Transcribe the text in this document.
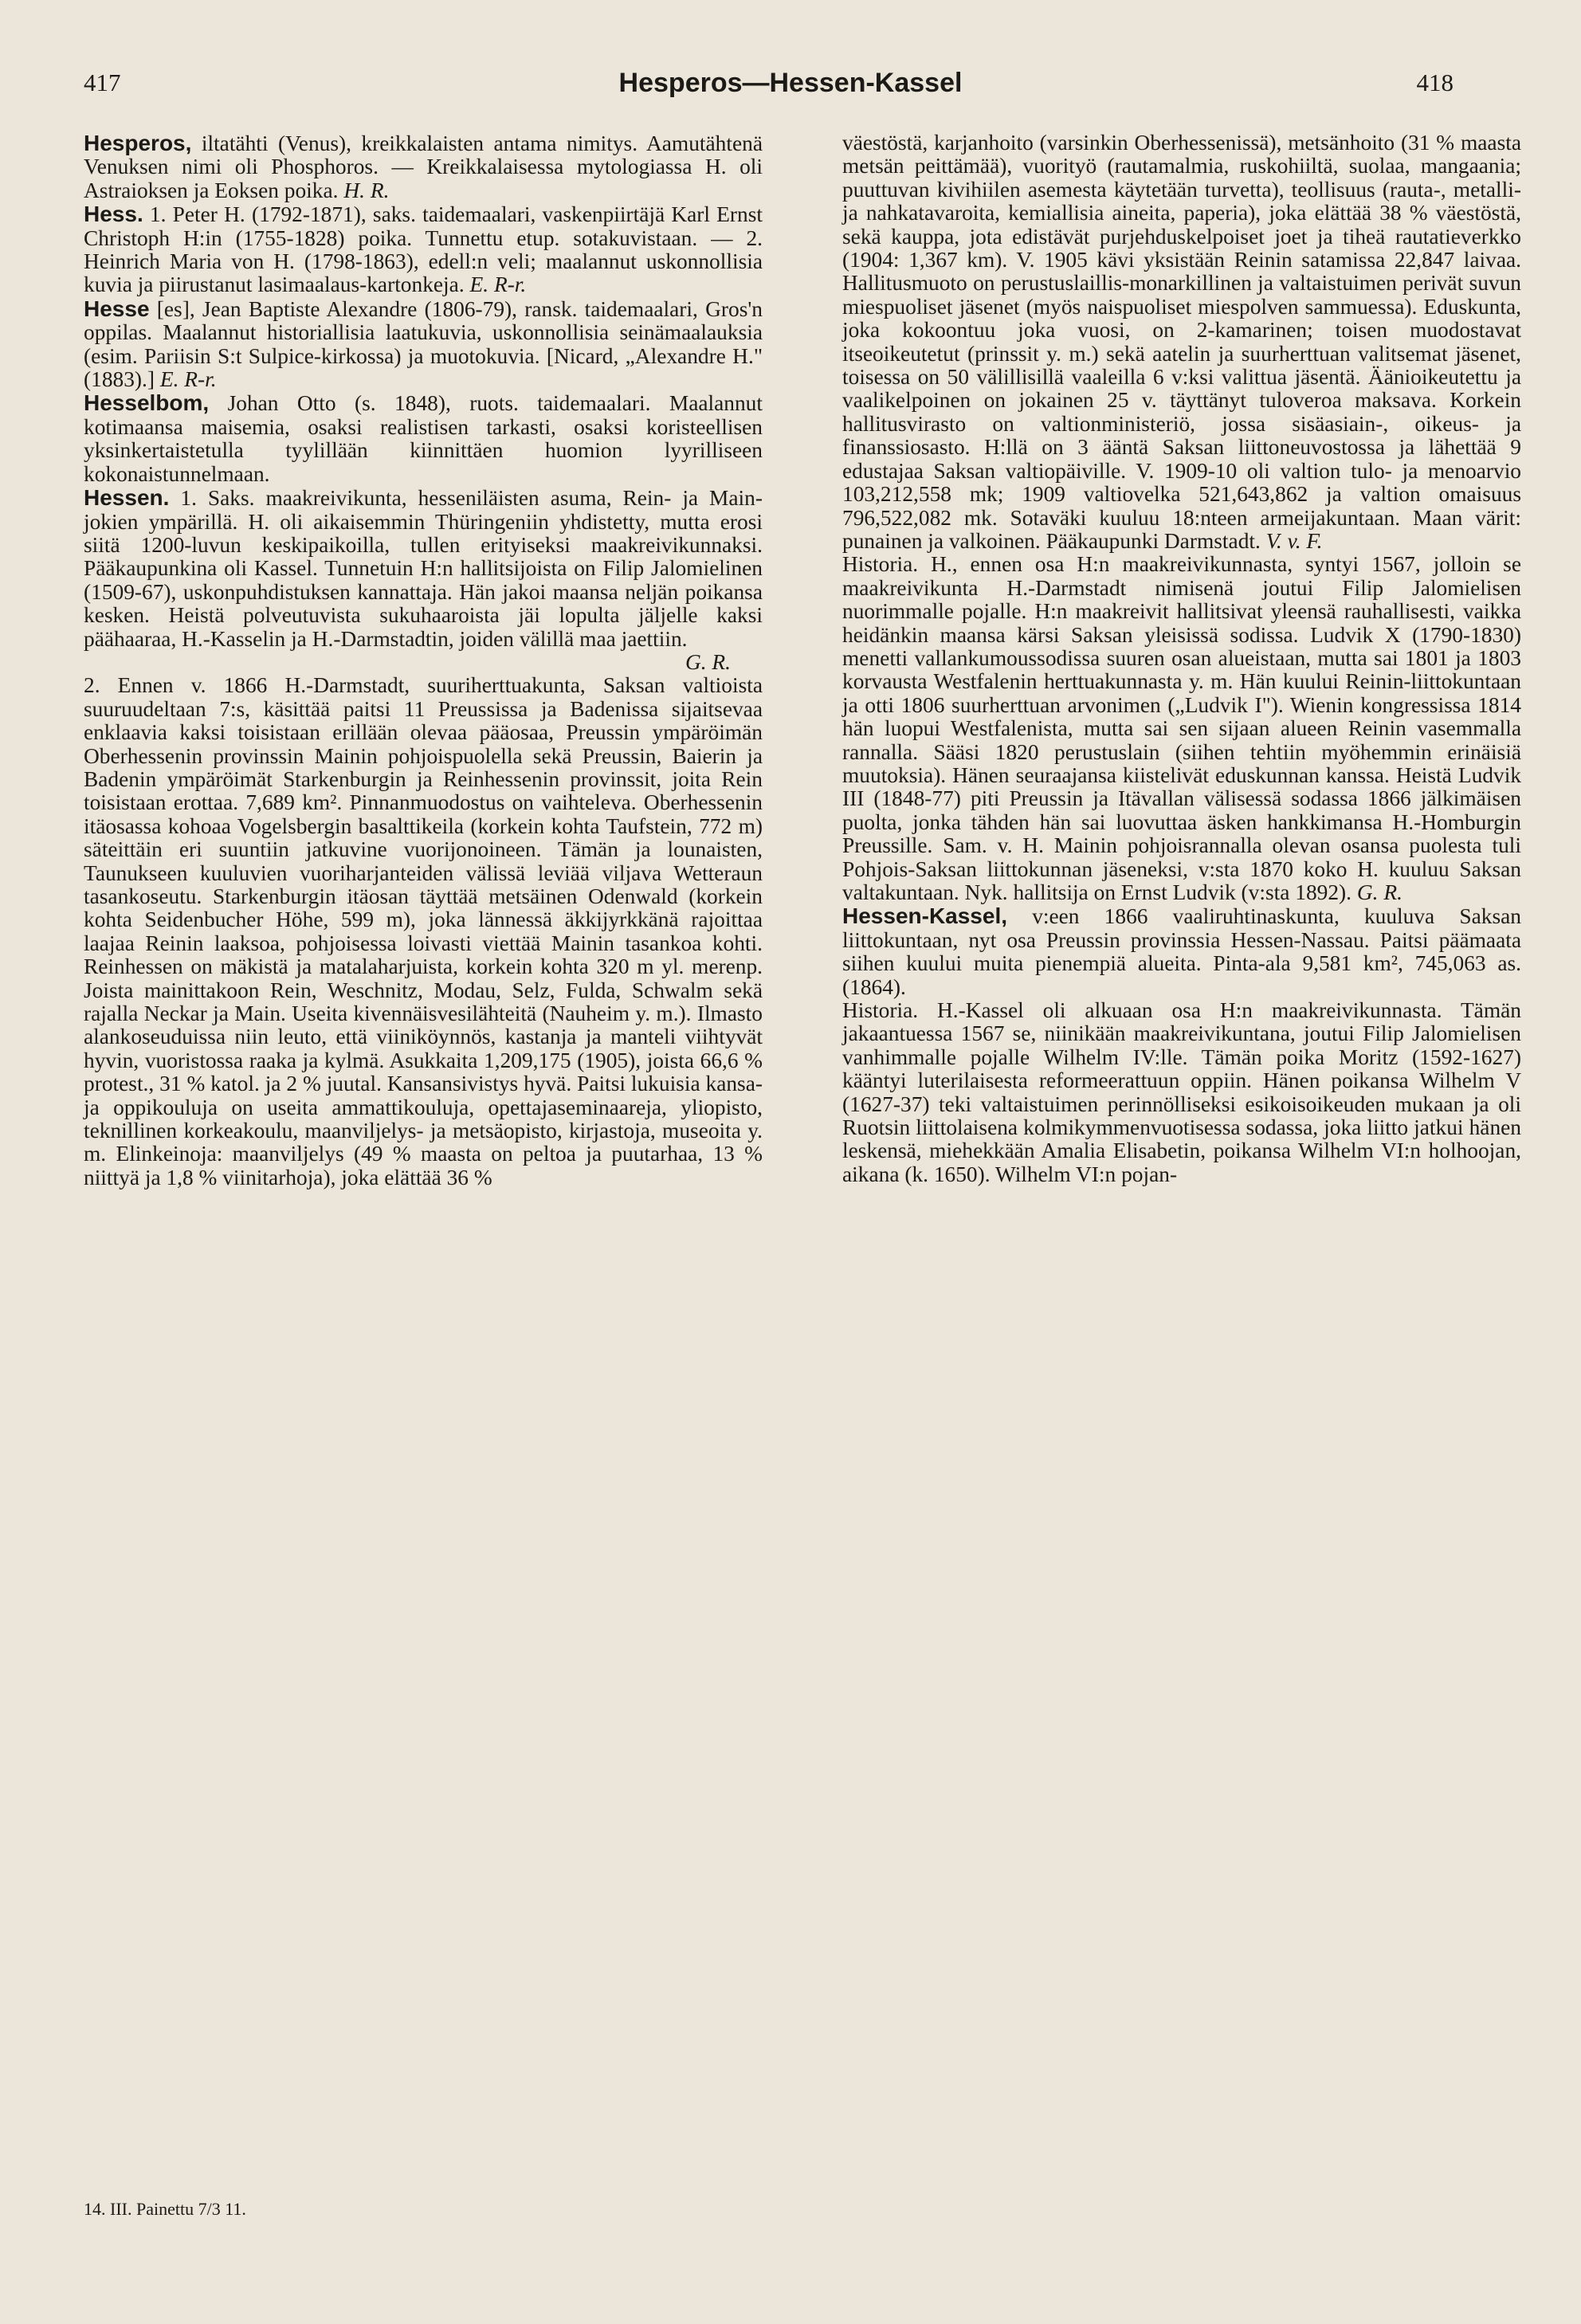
417	Hesperos—Hessen-Kassel	418

Hesperos, iltatähti (Venus), kreikkalaisten antama nimitys. Aamutähtenä Venuksen nimi oli Phosphoros. — Kreikkalaisessa mytologiassa H. oli Astraioksen ja Eoksen poika. H. R.

Hess. 1. Peter H. (1792-1871), saks. taidemaalari, vaskenpiirtäjä Karl Ernst Christoph H:in (1755-1828) poika. Tunnettu etup. sotakuvistaan. — 2. Heinrich Maria von H. (1798-1863), edell:n veli; maalannut uskonnollisia kuvia ja piirustanut lasimaalaus-kartonkeja. E. R-r.

Hesse [es], Jean Baptiste Alexandre (1806-79), ransk. taidemaalari, Gros'n oppilas. Maalannut historiallisia laatukuvia, uskonnollisia seinämaalauksia (esim. Pariisin S:t Sulpice-kirkossa) ja muotokuvia. [Nicard, „Alexandre H." (1883).] E. R-r.

Hesselbom, Johan Otto (s. 1848), ruots. taidemaalari. Maalannut kotimaansa maisemia, osaksi realistisen tarkasti, osaksi koristeellisen yksinkertaistetulla tyylillään kiinnittäen huomion lyyrilliseen kokonaistunnelmaan.

Hessen. 1. Saks. maakreivikunta, hesseniläisten asuma, Rein- ja Main-jokien ympärillä. H. oli aikaisemmin Thüringeniin yhdistetty, mutta erosi siitä 1200-luvun keskipaikoilla, tullen erityiseksi maakreivikunnaksi. Pääkaupunkina oli Kassel. Tunnetuin H:n hallitsijoista on Filip Jalomielinen (1509-67), uskonpuhdistuksen kannattaja. Hän jakoi maansa neljän poikansa kesken. Heistä polveutuvista sukuhaaroista jäi lopulta jäljelle kaksi päähaaraa, H.-Kasselin ja H.-Darmstadtin, joiden välillä maa jaettiin.
G. R.

2. Ennen v. 1866 H.-Darmstadt, suuriherttuakunta, Saksan valtioista suuruudeltaan 7:s, käsittää paitsi 11 Preussissa ja Badenissa sijaitsevaa enklaavia kaksi toisistaan erillään olevaa pääosaa, Preussin ympäröimän Oberhessenin provinssin Mainin pohjoispuolella sekä Preussin, Baierin ja Badenin ympäröimät Starkenburgin ja Reinhessenin provinssit, joita Rein toisistaan erottaa. 7,689 km². Pinnanmuodostus on vaihteleva. Oberhessenin itäosassa kohoaa Vogelsbergin basalttikeila (korkein kohta Taufstein, 772 m) säteittäin eri suuntiin jatkuvine vuorijonoineen. Tämän ja lounaisten, Taunukseen kuuluvien vuoriharjanteiden välissä leviää viljava Wetteraun tasankoseutu. Starkenburgin itäosan täyttää metsäinen Odenwald (korkein kohta Seidenbucher Höhe, 599 m), joka lännessä äkkijyrkkänä rajoittaa laajaa Reinin laaksoa, pohjoisessa loivasti viettää Mainin tasankoa kohti. Reinhessen on mäkistä ja matalaharjuista, korkein kohta 320 m yl. merenp. Joista mainittakoon Rein, Weschnitz, Modau, Selz, Fulda, Schwalm sekä rajalla Neckar ja Main. Useita kivennäisvesilähteitä (Nauheim y. m.). Ilmasto alankoseuduissa niin leuto, että viiniköynnös, kastanja ja manteli viihtyvät hyvin, vuoristossa raaka ja kylmä. Asukkaita 1,209,175 (1905), joista 66,6 % protest., 31 % katol. ja 2 % juutal. Kansansivistys hyvä. Paitsi lukuisia kansa- ja oppikouluja on useita ammattikouluja, opettajaseminaareja, yliopisto, teknillinen korkeakoulu, maanviljelys- ja metsäopisto, kirjastoja, museoita y. m. Elinkeinoja: maanviljelys (49 % maasta on peltoa ja puutarhaa, 13 % niittyä ja 1,8 % viinitarhoja), joka elättää 36 %

väestöstä, karjanhoito (varsinkin Oberhessenissä), metsänhoito (31 % maasta metsän peittämää), vuorityö (rautamalmia, ruskohiiltä, suolaa, mangaania; puuttuvan kivihiilen asemesta käytetään turvetta), teollisuus (rauta-, metalli- ja nahkatavaroita, kemiallisia aineita, paperia), joka elättää 38 % väestöstä, sekä kauppa, jota edistävät purjehduskelpoiset joet ja tiheä rautatieverkko (1904: 1,367 km). V. 1905 kävi yksistään Reinin satamissa 22,847 laivaa. Hallitusmuoto on perustuslaillis-monarkillinen ja valtaistuimen perivät suvun miespuoliset jäsenet (myös naispuoliset miespolven sammuessa). Eduskunta, joka kokoontuu joka vuosi, on 2-kamarinen; toisen muodostavat itseoikeutetut (prinssit y. m.) sekä aatelin ja suurherttuan valitsemat jäsenet, toisessa on 50 välillisillä vaaleilla 6 v:ksi valittua jäsentä. Äänioikeutettu ja vaalikelpoinen on jokainen 25 v. täyttänyt tuloveroa maksava. Korkein hallitusvirasto on valtionministeriö, jossa sisäasiain-, oikeus- ja finanssiosasto. H:llä on 3 ääntä Saksan liittoneuvostossa ja lähettää 9 edustajaa Saksan valtiopäiville. V. 1909-10 oli valtion tulo- ja menoarvio 103,212,558 mk; 1909 valtiovelka 521,643,862 ja valtion omaisuus 796,522,082 mk. Sotaväki kuuluu 18:nteen armeijakuntaan. Maan värit: punainen ja valkoinen. Pääkaupunki Darmstadt. V. v. F.

Historia. H., ennen osa H:n maakreivikunnasta, syntyi 1567, jolloin se maakreivikunta H.-Darmstadt nimisenä joutui Filip Jalomielisen nuorimmalle pojalle. H:n maakreivit hallitsivat yleensä rauhallisesti, vaikka heidänkin maansa kärsi Saksan yleisissä sodissa. Ludvik X (1790-1830) menetti vallankumoussodissa suuren osan alueistaan, mutta sai 1801 ja 1803 korvausta Westfalenin herttuakunnasta y. m. Hän kuului Reinin-liittokuntaan ja otti 1806 suurherttuan arvonimen („Ludvik I"). Wienin kongressissa 1814 hän luopui Westfalenista, mutta sai sen sijaan alueen Reinin vasemmalla rannalla. Sääsi 1820 perustuslain (siihen tehtiin myöhemmin erinäisiä muutoksia). Hänen seuraajansa kiistelivät eduskunnan kanssa. Heistä Ludvik III (1848-77) piti Preussin ja Itävallan välisessä sodassa 1866 jälkimäisen puolta, jonka tähden hän sai luovuttaa äsken hankkimansa H.-Homburgin Preussille. Sam. v. H. Mainin pohjoisrannalla olevan osansa puolesta tuli Pohjois-Saksan liittokunnan jäseneksi, v:sta 1870 koko H. kuuluu Saksan valtakuntaan. Nyk. hallitsija on Ernst Ludvik (v:sta 1892). G. R.

Hessen-Kassel, v:een 1866 vaaliruhtinaskunta, kuuluva Saksan liittokuntaan, nyt osa Preussin provinssia Hessen-Nassau. Paitsi päämaata siihen kuului muita pienempiä alueita. Pinta-ala 9,581 km², 745,063 as. (1864).

Historia. H.-Kassel oli alkuaan osa H:n maakreivikunnasta. Tämän jakaantuessa 1567 se, niinikään maakreivikuntana, joutui Filip Jalomielisen vanhimmalle pojalle Wilhelm IV:lle. Tämän poika Moritz (1592-1627) kääntyi luterilaisesta reformeerattuun oppiin. Hänen poikansa Wilhelm V (1627-37) teki valtaistuimen perinnölliseksi esikoisoikeuden mukaan ja oli Ruotsin liittolaisena kolmikymmenvuotisessa sodassa, joka liitto jatkui hänen leskensä, miehekkään Amalia Elisabetin, poikansa Wilhelm VI:n holhoojan, aikana (k. 1650). Wilhelm VI:n pojan-

14. III. Painettu 7/3 11.
